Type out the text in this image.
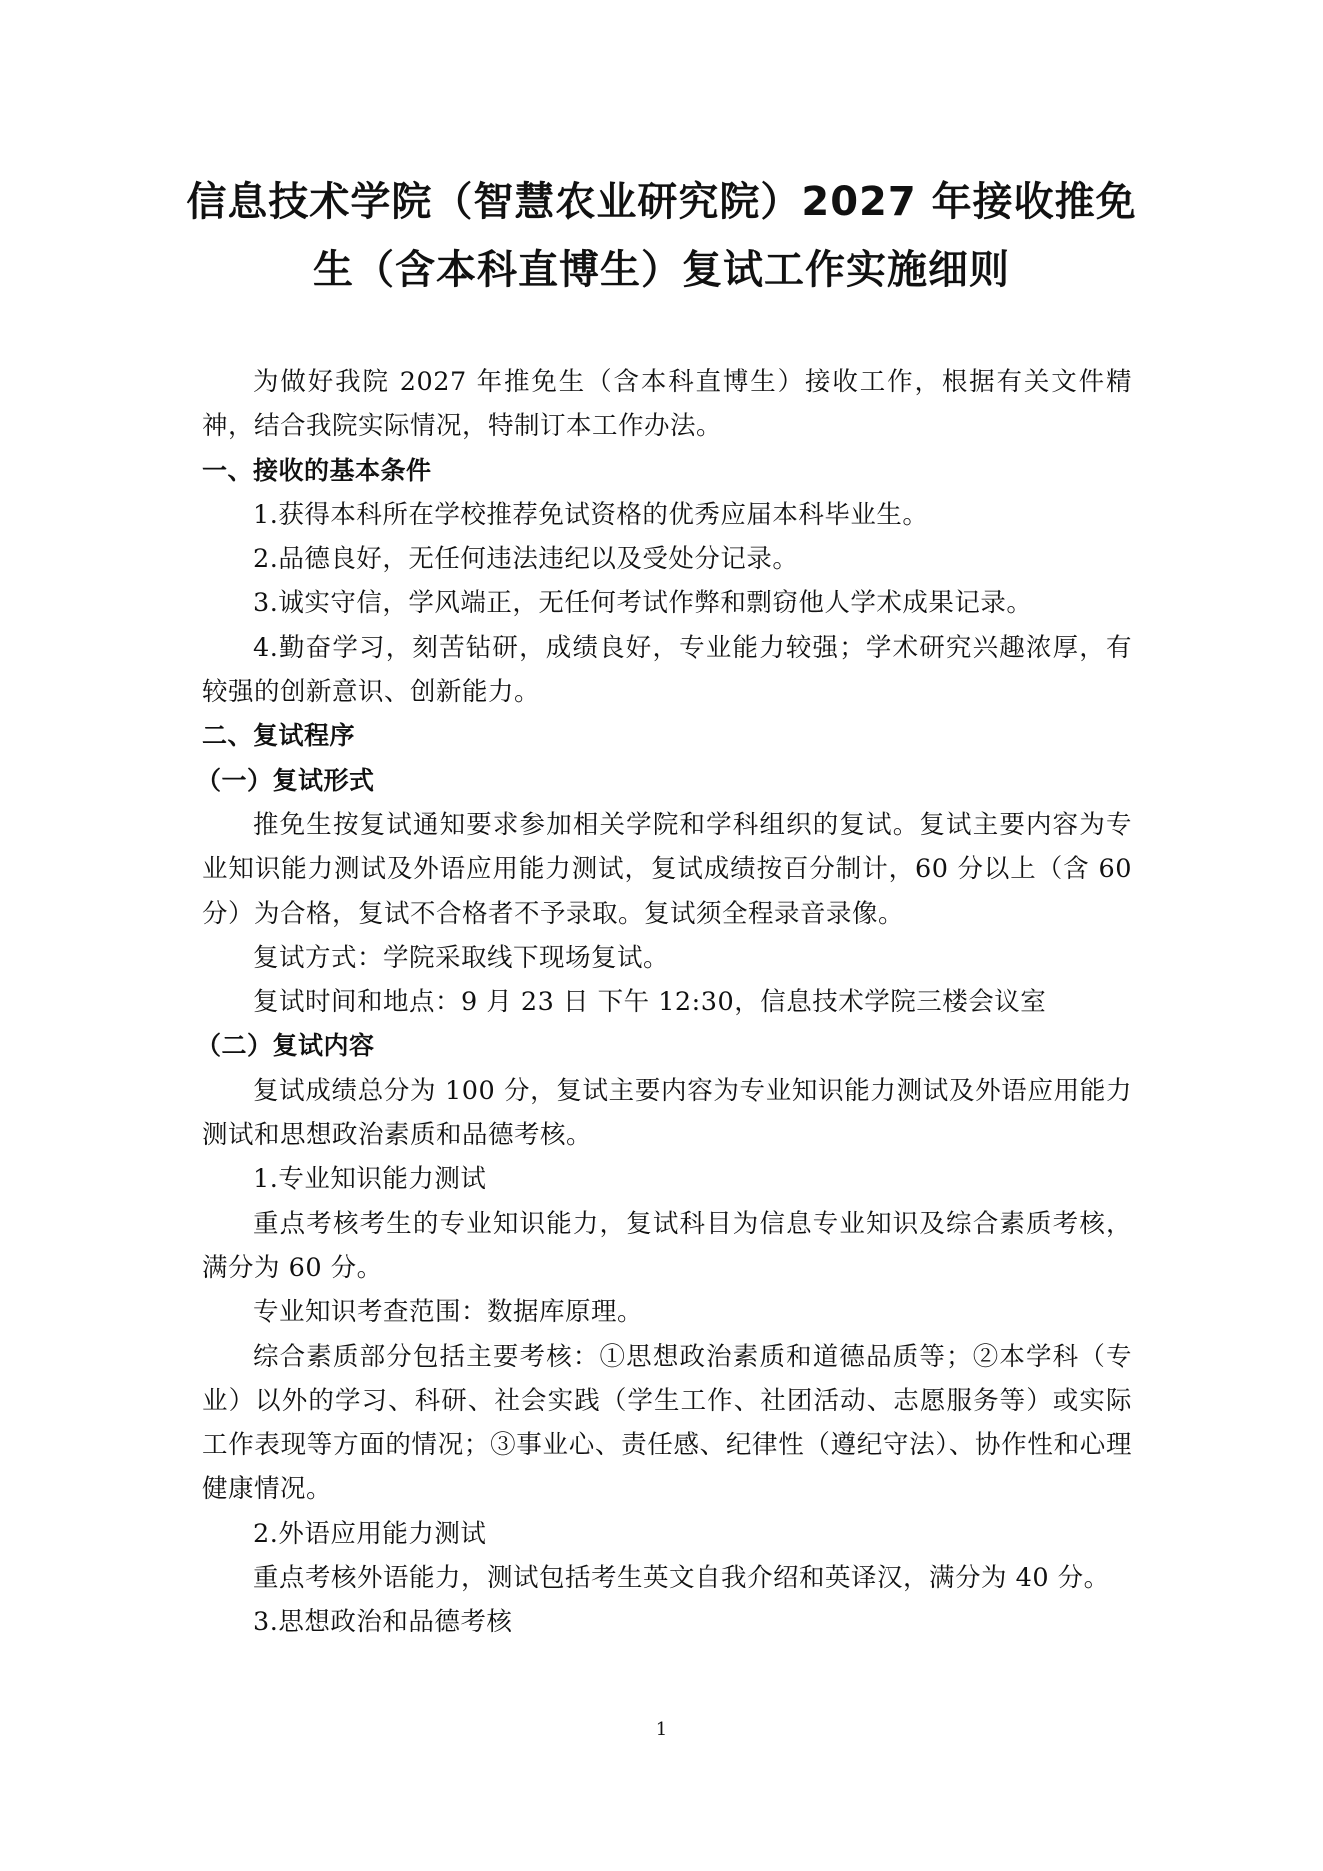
信息技术学院（智慧农业研究院）2027 年接收推免
生（含本科直博生）复试工作实施细则

为做好我院 2027 年推免生（含本科直博生）接收工作，根据有关文件精神，结合我院实际情况，特制订本工作办法。

一、接收的基本条件

1.获得本科所在学校推荐免试资格的优秀应届本科毕业生。

2.品德良好，无任何违法违纪以及受处分记录。

3.诚实守信，学风端正，无任何考试作弊和剽窃他人学术成果记录。

4.勤奋学习，刻苦钻研，成绩良好，专业能力较强；学术研究兴趣浓厚，有较强的创新意识、创新能力。

二、复试程序

（一）复试形式

推免生按复试通知要求参加相关学院和学科组织的复试。复试主要内容为专业知识能力测试及外语应用能力测试，复试成绩按百分制计，60 分以上（含 60 分）为合格，复试不合格者不予录取。复试须全程录音录像。

复试方式：学院采取线下现场复试。

复试时间和地点：9 月 23 日 下午 12:30，信息技术学院三楼会议室

（二）复试内容

复试成绩总分为 100 分，复试主要内容为专业知识能力测试及外语应用能力测试和思想政治素质和品德考核。

1.专业知识能力测试

重点考核考生的专业知识能力，复试科目为信息专业知识及综合素质考核，满分为 60 分。

专业知识考查范围：数据库原理。

综合素质部分包括主要考核：①思想政治素质和道德品质等；②本学科（专业）以外的学习、科研、社会实践（学生工作、社团活动、志愿服务等）或实际工作表现等方面的情况；③事业心、责任感、纪律性（遵纪守法）、协作性和心理健康情况。

2.外语应用能力测试

重点考核外语能力，测试包括考生英文自我介绍和英译汉，满分为 40 分。

3.思想政治和品德考核

1
